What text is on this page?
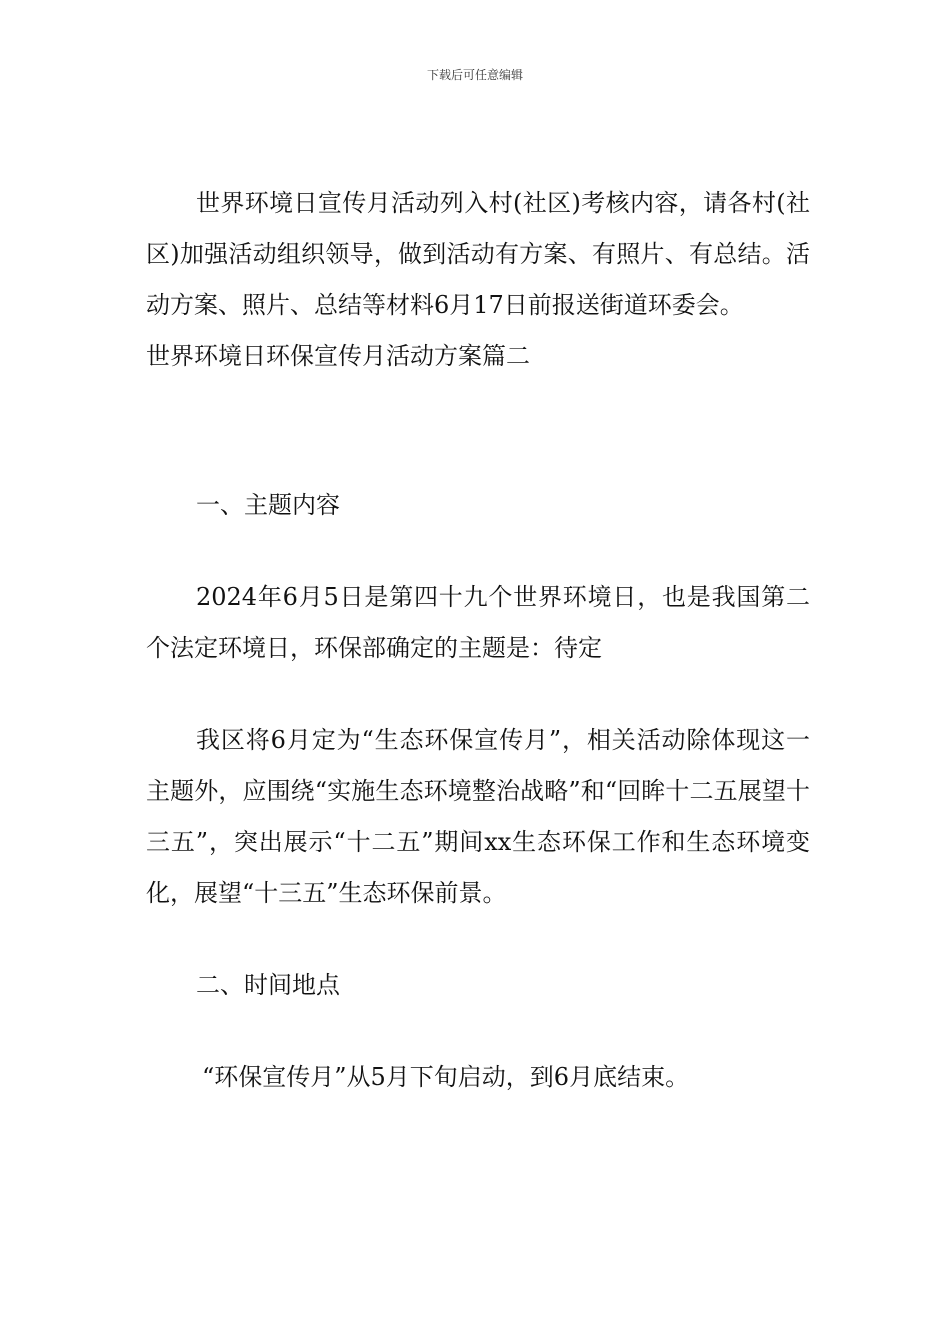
下载后可任意编辑

世界环境日宣传月活动列入村(社区)考核内容，请各村(社区)加强活动组织领导，做到活动有方案、有照片、有总结。活动方案、照片、总结等材料6月17日前报送街道环委会。

世界环境日环保宣传月活动方案篇二

一、主题内容

2024年6月5日是第四十九个世界环境日，也是我国第二个法定环境日，环保部确定的主题是：待定

我区将6月定为“生态环保宣传月”，相关活动除体现这一主题外，应围绕“实施生态环境整治战略”和“回眸十二五展望十三五”，突出展示“十二五”期间xx生态环保工作和生态环境变化，展望“十三五”生态环保前景。

二、时间地点

“环保宣传月”从5月下旬启动，到6月底结束。
